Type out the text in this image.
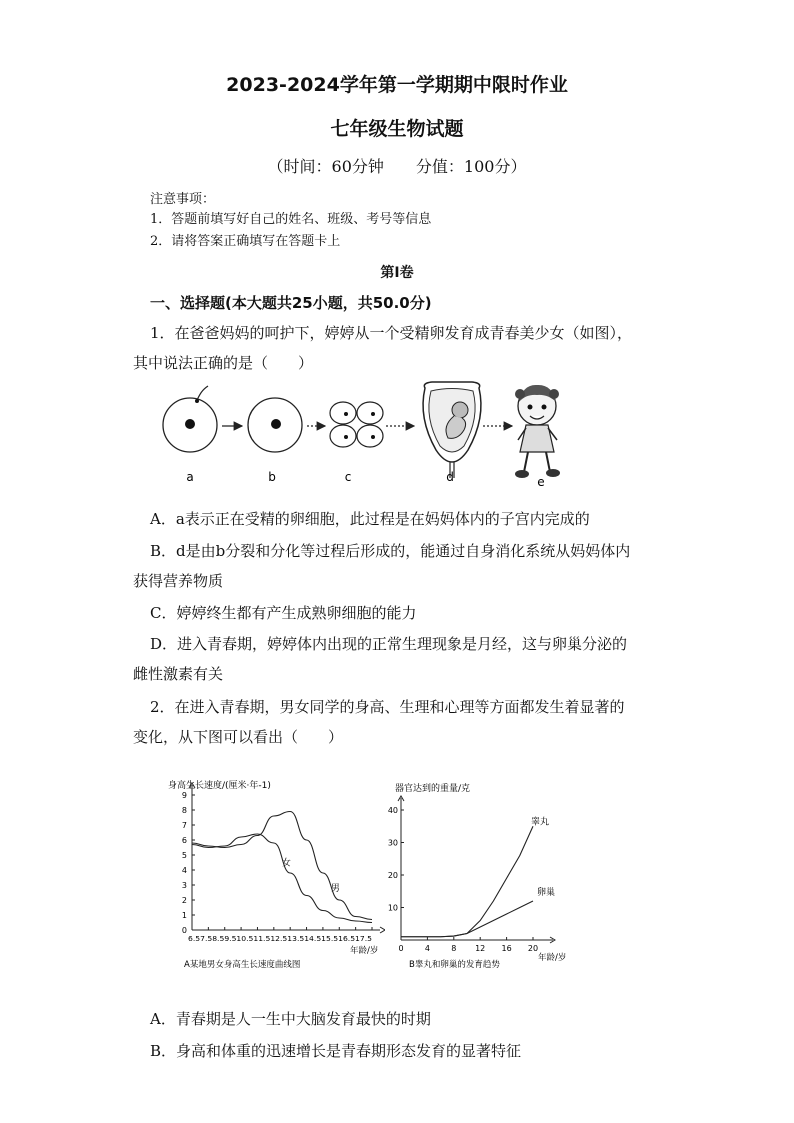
2023-2024学年第一学期期中限时作业
七年级生物试题
（时间：60分钟　　分值：100分）
注意事项：
1．答题前填写好自己的姓名、班级、考号等信息
2．请将答案正确填写在答题卡上
第Ⅰ卷
一、选择题(本大题共25小题，共50.0分)
1．在爸爸妈妈的呵护下，婷婷从一个受精卵发育成青春美少女（如图），
其中说法正确的是（　　）
a	b	c	d	e
A．a表示正在受精的卵细胞，此过程是在妈妈体内的子宫内完成的
B．d是由b分裂和分化等过程后形成的，能通过自身消化系统从妈妈体内
获得营养物质
C．婷婷终生都有产生成熟卵细胞的能力
D．进入青春期，婷婷体内出现的正常生理现象是月经，这与卵巢分泌的
雌性激素有关
2．在进入青春期，男女同学的身高、生理和心理等方面都发生着显著的
变化，从下图可以看出（　　）
身高生长速度/(厘米·年-1)
年龄/岁
A某地男女身高生长速度曲线图
6.57.58.59.510.511.512.513.514.515.516.517.5
0
1
2
3
4
5
6
7
8
9
男
女
器官达到的重量/克
年龄/岁
B睾丸和卵巢的发育趋势
10
20
30
40
0	4	8 12 16 20
睾丸
卵巢
A．青春期是人一生中大脑发育最快的时期
B．身高和体重的迅速增长是青春期形态发育的显著特征
